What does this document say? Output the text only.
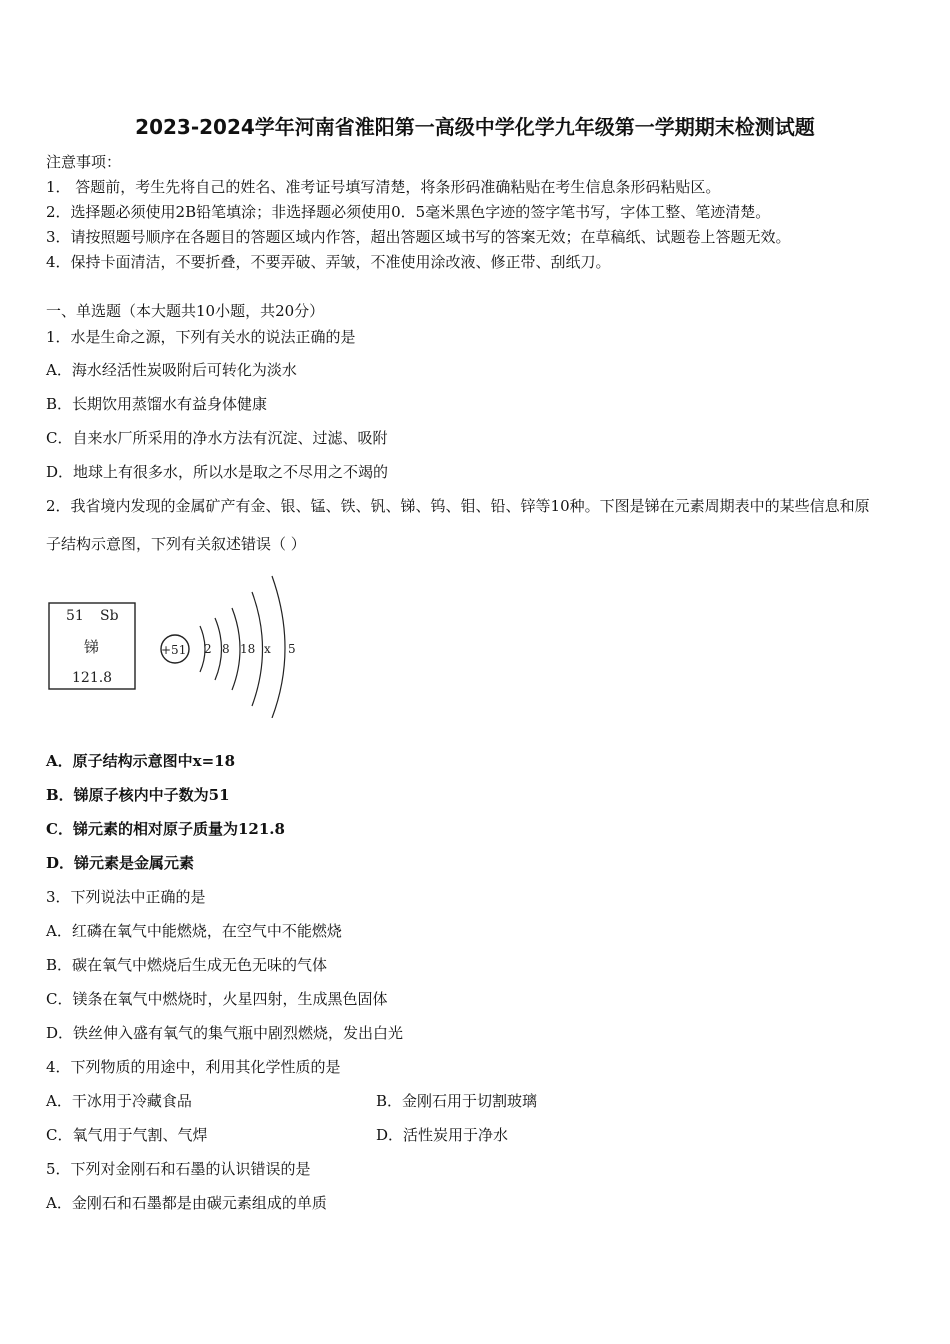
2023-2024学年河南省淮阳第一高级中学化学九年级第一学期期末检测试题
注意事项：
1． 答题前，考生先将自己的姓名、准考证号填写清楚，将条形码准确粘贴在考生信息条形码粘贴区。
2．选择题必须使用2B铅笔填涂；非选择题必须使用0．5毫米黑色字迹的签字笔书写，字体工整、笔迹清楚。
3．请按照题号顺序在各题目的答题区域内作答，超出答题区域书写的答案无效；在草稿纸、试题卷上答题无效。
4．保持卡面清洁，不要折叠，不要弄破、弄皱，不准使用涂改液、修正带、刮纸刀。
一、单选题（本大题共10小题，共20分）
1．水是生命之源，下列有关水的说法正确的是
A．海水经活性炭吸附后可转化为淡水
B．长期饮用蒸馏水有益身体健康
C．自来水厂所采用的净水方法有沉淀、过滤、吸附
D．地球上有很多水，所以水是取之不尽用之不竭的
2．我省境内发现的金属矿产有金、银、锰、铁、钒、锑、钨、钼、铅、锌等10种。下图是锑在元素周期表中的某些信息和原
子结构示意图，下列有关叙述错误（ ）
51 Sb
锑
121.8
+51 2 8 18 x 5
A．原子结构示意图中x=18
B．锑原子核内中子数为51
C．锑元素的相对原子质量为121.8
D．锑元素是金属元素
3．下列说法中正确的是
A．红磷在氧气中能燃烧，在空气中不能燃烧
B．碳在氧气中燃烧后生成无色无味的气体
C．镁条在氧气中燃烧时，火星四射，生成黑色固体
D．铁丝伸入盛有氧气的集气瓶中剧烈燃烧，发出白光
4．下列物质的用途中，利用其化学性质的是
A．干冰用于冷藏食品	B．金刚石用于切割玻璃
C．氧气用于气割、气焊	D．活性炭用于净水
5．下列对金刚石和石墨的认识错误的是
A．金刚石和石墨都是由碳元素组成的单质
